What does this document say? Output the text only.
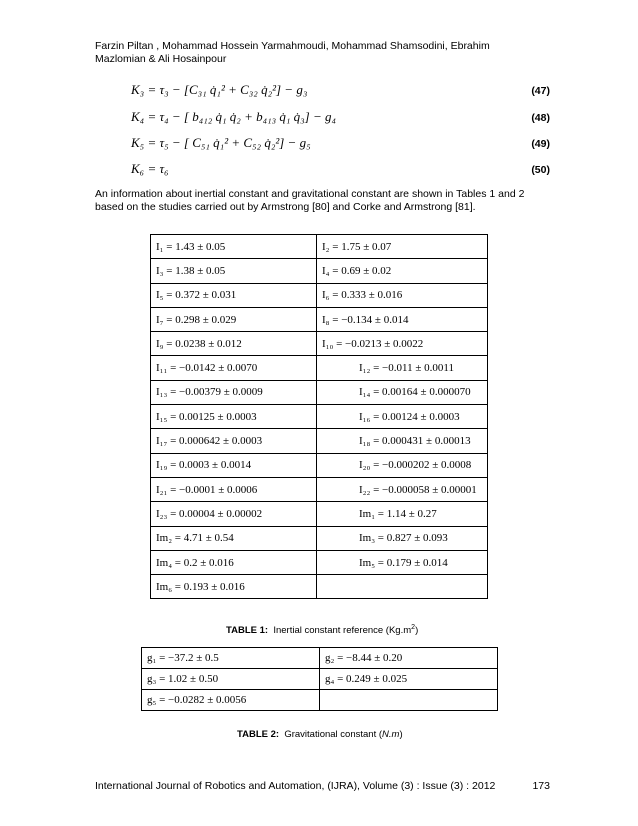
Farzin Piltan , Mohammad Hossein Yarmahmoudi, Mohammad Shamsodini, Ebrahim Mazlomian & Ali Hosainpour
K₃ = τ₃ − [C₃₁ q̇₁² + C₃₂ q̇₂²] − g₃	(47)
K₄ = τ₄ − [ b₄₁₂ q̇₁ q̇₂ + b₄₁₃ q̇₁ q̇₃] − g₄	(48)
K₅ = τ₅ − [ C₅₁ q̇₁² + C₅₂ q̇₂²] − g₅	(49)
K₆ = τ₆	(50)
An information about inertial constant and gravitational constant are shown in Tables 1 and 2 based on the studies carried out by Armstrong [80] and Corke and Armstrong [81].
I₁ = 1.43 ± 0.05	I₂ = 1.75 ± 0.07
I₃ = 1.38 ± 0.05	I₄ = 0.69 ± 0.02
I₅ = 0.372 ± 0.031	I₆ = 0.333 ± 0.016
I₇ = 0.298 ± 0.029	I₈ = −0.134 ± 0.014
I₉ = 0.0238 ± 0.012	I₁₀ = −0.0213 ± 0.0022
I₁₁ = −0.0142 ± 0.0070	I₁₂ = −0.011 ± 0.0011
I₁₃ = −0.00379 ± 0.0009	I₁₄ = 0.00164 ± 0.000070
I₁₅ = 0.00125 ± 0.0003	I₁₆ = 0.00124 ± 0.0003
I₁₇ = 0.000642 ± 0.0003	I₁₈ = 0.000431 ± 0.00013
I₁₉ = 0.0003 ± 0.0014	I₂₀ = −0.000202 ± 0.0008
I₂₁ = −0.0001 ± 0.0006	I₂₂ = −0.000058 ± 0.00001
I₂₃ = 0.00004 ± 0.00002	Im₁ = 1.14 ± 0.27
Im₂ = 4.71 ± 0.54	Im₃ = 0.827 ± 0.093
Im₄ = 0.2 ± 0.016	Im₅ = 0.179 ± 0.014
Im₆ = 0.193 ± 0.016	
TABLE 1: Inertial constant reference $(Kg.m^2)$
g₁ = −37.2 ± 0.5	g₂ = −8.44 ± 0.20
g₃ = 1.02 ± 0.50	g₄ = 0.249 ± 0.025
g₅ = −0.0282 ± 0.0056	
TABLE 2: Gravitational constant (N.m)
International Journal of Robotics and Automation, (IJRA), Volume (3) : Issue (3) : 2012	173
